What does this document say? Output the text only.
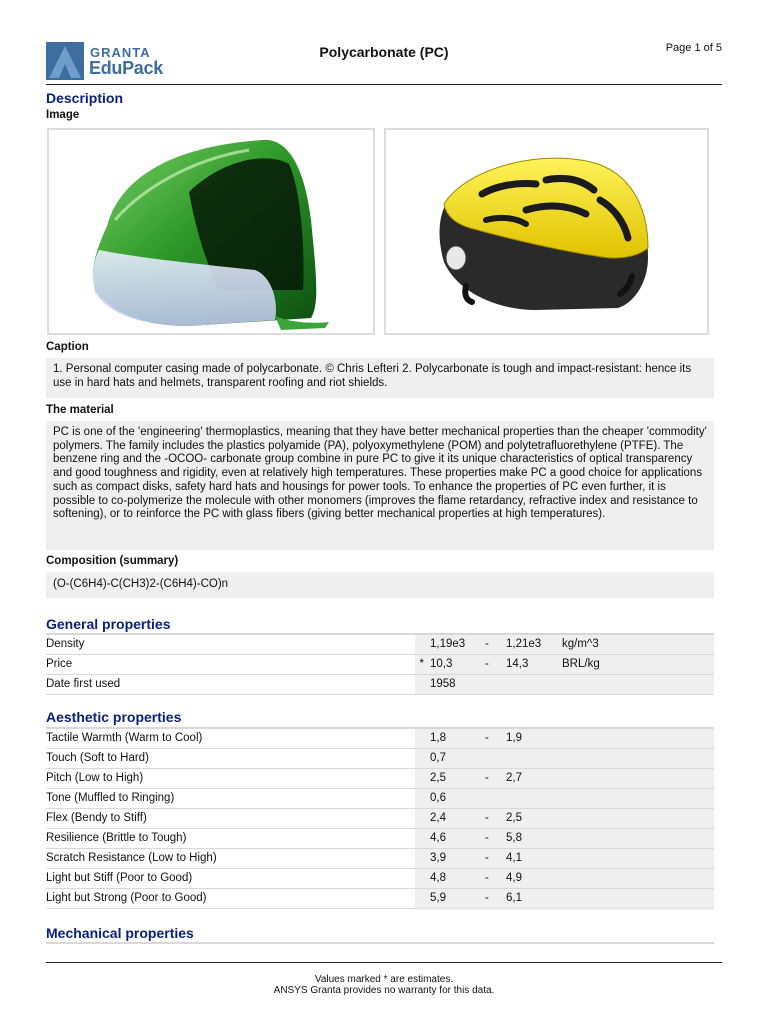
GRANTA
EduPack
Polycarbonate (PC)	Page 1 of 5
Description
Image
Caption
1. Personal computer casing made of polycarbonate. © Chris Lefteri 2. Polycarbonate is tough and impact-resistant: hence its use in hard hats and helmets, transparent roofing and riot shields.
The material
PC is one of the 'engineering' thermoplastics, meaning that they have better mechanical properties than the cheaper 'commodity' polymers. The family includes the plastics polyamide (PA), polyoxymethylene (POM) and polytetrafluorethylene (PTFE). The benzene ring and the -OCOO- carbonate group combine in pure PC to give it its unique characteristics of optical transparency and good toughness and rigidity, even at relatively high temperatures. These properties make PC a good choice for applications such as compact disks, safety hard hats and housings for power tools. To enhance the properties of PC even further, it is possible to co-polymerize the molecule with other monomers (improves the flame retardancy, refractive index and resistance to softening), or to reinforce the PC with glass fibers (giving better mechanical properties at high temperatures).
Composition (summary)
(O-(C6H4)-C(CH3)2-(C6H4)-CO)n
General properties
Density	1,19e3 - 1,21e3 kg/m^3
Price	* 10,3	- 14,3	BRL/kg
Date first used	1958
Aesthetic properties
Tactile Warmth (Warm to Cool)	1,8	- 1,9
Touch (Soft to Hard)	0,7
Pitch (Low to High)	2,5	- 2,7
Tone (Muffled to Ringing)	0,6
Flex (Bendy to Stiff)	2,4	- 2,5
Resilience (Brittle to Tough)	4,6	- 5,8
Scratch Resistance (Low to High)	3,9	- 4,1
Light but Stiff (Poor to Good)	4,8	- 4,9
Light but Strong (Poor to Good)	5,9	- 6,1
Mechanical properties
Values marked * are estimates.
ANSYS Granta provides no warranty for this data.
